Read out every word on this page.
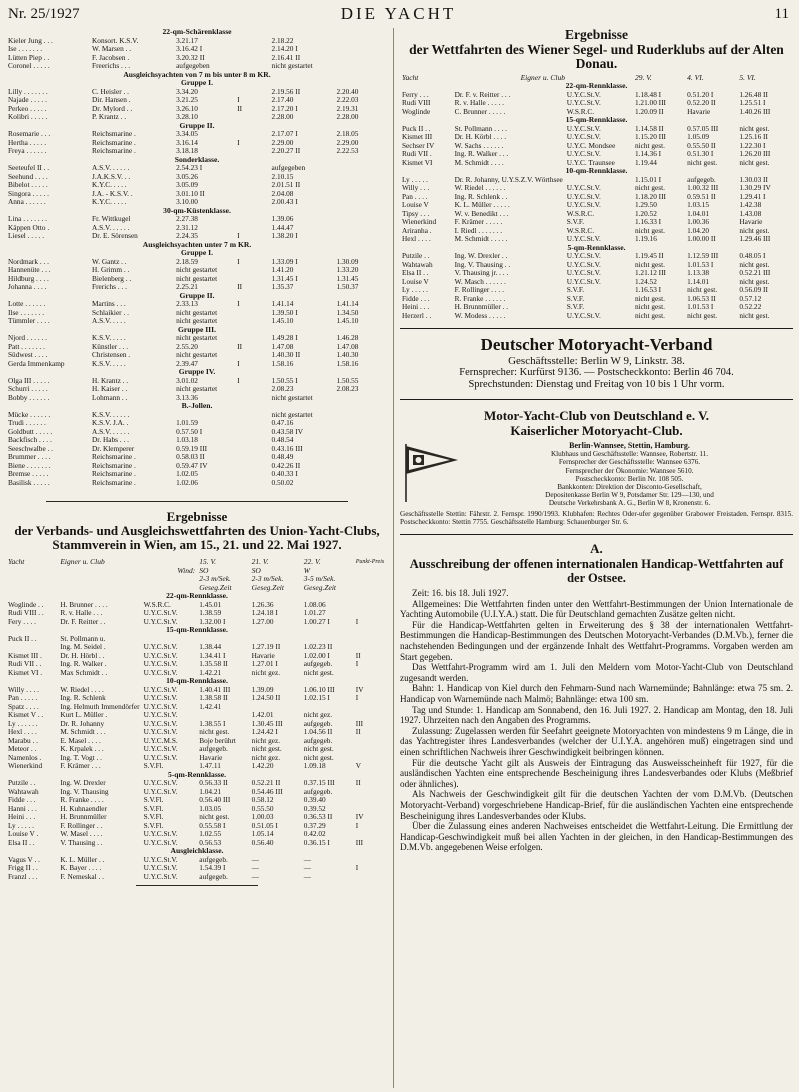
Nr. 25/1927	DIE YACHT	11
22-qm-Schärenklasse					
Kieler Jung . . .	Konsort. K.S.V.	3.21.17		2.18.22	
Ise . . . . . . .	W. Marsen . .	3.16.42 I		2.14.20 I	
Lütten Piep . .	F. Jacobsen .	3.20.32 II		2.16.41 II	
Coronel . . . . .	Freerichs . . .	aufgegeben		nicht gestartet	
Ausgleichsyachten von 7 m bis unter 8 m KR.					
Gruppe I.					
Lilly . . . . . . .	C. Heisler . .	3.34.20		2.19.56 II	2.20.40
Najade . . . . .	Dir. Hansen .	3.21.25	I	2.17.40	2.22.03
Perkeo . . . . .	Dr. Mylord . .	3.26.10	II	2.17.20 I	2.19.31
Kolibri . . . . .	P. Krantz . .	3.28.10		2.28.00	2.28.00
Gruppe II.					
Rosemarie . . .	Reichsmarine .	3.34.05		2.17.07 I	2.18.05
Hertha . . . . .	Reichsmarine .	3.16.14	I	2.29.00	2.29.00
Freya . . . . . .	Reichsmarine .	3.18.18		2.20.27 II	2.22.53
Sonderklasse.					
Seeteufel II . .	A.S.V. . . . . .	2.54.23 I		aufgegeben	
Seehund . . . .	J.A.K.S.V. . .	3.05.26		2.10.15	
Bibelot . . . . .	K.Y.C. . . . .	3.05.09		2.01.51 II	
Singora . . . . .	J.A. - K.S.V. .	3.01.10 II		2.04.08	
Anna . . . . . .	K.Y.C. . . . .	3.10.00		2.00.43 I	
30-qm-Küstenklasse.					
Lina . . . . . . .	Fr. Wittkugel	2.27.38		1.39.06	
Käppen Otto .	A.S.V. . . . . .	2.31.12		1.44.47	
Liesel . . . . .	Dr. E. Sörensen	2.24.35	I	1.38.20 I	
Ausgleichsyachten unter 7 m KR.					
Gruppe I.					
Nordmark . . .	W. Gantz . .	2.18.59	I	1.33.09 I	1.30.09
Hannenüte . . .	H. Grimm . .	nicht gestartet		1.41.20	1.33.20
Hildburg . . . .	Bielenberg . .	nicht gestartet		1.31.45 I	1.31.45
Johanna . . . .	Frerichs . . .	2.25.21	II	1.35.37	1.50.37
Gruppe II.					
Lotte . . . . . .	Martins . . .	2.33.13	I	1.41.14	1.41.14
Ilse . . . . . . .	Schlaikier . .	nicht gestartet		1.39.50 I	1.34.50
Tümmler . . . .	A.S.V. . . . .	nicht gestartet		1.45.10	1.45.10
Gruppe III.					
Njord . . . . . .	K.S.V. . . . .	nicht gestartet		1.49.28 I	1.46.28
Patt . . . . . . .	Künstler . . .	2.55.20	II	1.47.08	1.47.08
Südwest . . . .	Christensen .	nicht gestartet		1.40.30 II	1.40.30
Gerda Immenkamp	K.S.V. . . . .	2.39.47	I	1.58.16	1.58.16
Gruppe IV.					
Olga III . . . . .	H. Krantz . .	3.01.02	I	1.50.55 I	1.50.55
Schurri . . . . .	H. Kaiser . .	nicht gestartet		2.08.23	2.08.23
Bobby . . . . . .	Lohmann . .	3.13.36		nicht gestartet	
B.-Jollen.					
Mücke . . . . . .	K.S.V. . . . . .			nicht gestartet	
Trudi . . . . . .	K.S.V. J.A. .	1.01.59		0.47.16	
Goldbutt . . . . .	A.S.V. . . . . .	0.57.50 I		0.43.58 IV	
Backfisch . . . .	Dr. Habs . . .	1.03.18		0.48.54	
Seeschwalbe . .	Dr. Klemperer	0.59.19 III		0.43.16 III	
Brummer . . . .	Reichsmarine .	0.58.03 II		0.48.49	
Biene . . . . . . .	Reichsmarine .	0.59.47 IV		0.42.26 II	
Bremse . . . . .	Reichsmarine .	1.02.05		0.40.33 I	
Basilisk . . . . .	Reichsmarine .	1.02.06		0.50.02	
Ergebnisse
der Verbands- und Ausgleichswettfahrten des Union-Yacht-Clubs, Stammverein in Wien, am 15., 21. und 22. Mai 1927.
Yacht	Eigner u. Club		15. V.	21. V.	22. V.	Punkt-Preis
		Wind:	SO	SO	W	
			2-3 m/Sek.	2-3 m/Sek.	3-5 m/Sek.	
			Geseg.Zeit	Geseg.Zeit	Geseg.Zeit	
22-qm-Rennklasse.						
Woglinde . .	H. Brunner . . . .	W.S.R.C.	1.45.01	1.26.36	1.08.06	
Rudi VIII . .	R. v. Halle . . .	U.Y.C.St.V.	1.38.59	1.24.18 I	1.01.27	
Fery . . . .	Dr. F. Reitter . .	U.Y.C.St.V.	1.32.00 I	1.27.00	1.00.27 I	I
15-qm-Rennklasse.						
Puck II . .	St. Pollmann u.					
	Ing. M. Seidel .	U.Y.C.St.V.	1.38.44	1.27.19 II	1.02.23 II	
Kismet III .	Dr. H. Hörbl . .	U.Y.C.St.V.	1.34.41 I	Havarie	1.02.00 I	II
Rudi VII . .	Ing. R. Walker .	U.Y.C.St.V.	1.35.58 II	1.27.01 I	aufgegeb.	I
Kismet VI .	Max Schmidt . .	U.Y.C.St.V.	1.42.21	nicht gez.	nicht gest.	
10-qm-Rennklasse.						
Willy . . . .	W. Riedel . . . .	U.Y.C.St.V.	1.40.41 III	1.39.09	1.06.10 III	IV
Pan . . . . .	Ing. R. Schlenk	U.Y.C.St.V.	1.38.58 II	1.24.50 II	1.02.15 I	I
Spatz . . . .	Ing. Helmuth Immendörfer	U.Y.C.St.V.	1.42.41			
Kismet V . .	Kurt L. Müller .	U.Y.C.St.V.		1.42.01	nicht gez.	
Ly . . . . . .	Dr. R. Johanny	U.Y.C.St.V.	1.38.55 I	1.30.45 III	aufgegeb.	III
Hexl . . . .	M. Schmidt . . .	U.Y.C.St.V.	nicht gest.	1.24.42 I	1.04.56 II	II
Marabu . .	E. Masel . . . .	U.Y.C.M.S.	Boje berührt	nicht gez.	aufgegeb.	
Meteor . .	K. Krpalek . . .	U.Y.C.St.V.	aufgegeb.	nicht gest.	nicht gest.	
Namenlos .	Ing. T. Vogt . .	U.Y.C.St.V.	Havarie	nicht gez.	nicht gest.	
Wienerkind	F. Krämer . . .	S.V.Fl.	1.47.11	1.42.20	1.09.18	V
5-qm-Rennklasse.						
Putzile . .	Ing. W. Drexler	U.Y.C.St.V.	0.56.33 II	0.52.21 II	0.37.15 III	II
Wahtawah	Ing. V. Thausing	U.Y.C.St.V.	1.04.21	0.54.46 III	aufgegeb.	
Fidde . . .	R. Franke . . . .	S.V.Fl.	0.56.40 III	0.58.12	0.39.40	
Hanni . . .	H. Kuhnaendler	S.V.Fl.	1.03.05	0.55.50	0.39.52	
Heini . . .	H. Brunnmüller	S.V.Fl.	nicht gest.	1.00.03	0.36.53 II	IV
Ly . . . . .	F. Rollinger . .	S.V.Fl.	0.55.58 I	0.51.05 I	0.37.29	I
Louise V .	W. Masel . . . .	U.Y.C.St.V.	1.02.55	1.05.14	0.42.02	
Elsa II . .	V. Thausing . .	U.Y.C.St.V.	0.56.53	0.56.40	0.36.15 I	III
Ausgleichklasse.						
Vagus V . .	K. L. Müller . .	U.Y.C.St.V.	aufgegeb.	—	—	
Frigg II . .	K. Bayer . . . .	U.Y.C.St.V.	1.54.39 I	—	—	I
Franzl . . .	F. Nemeskal . .	U.Y.C.St.V.	aufgegeb.	—	—	
Ergebnisse
der Wettfahrten des Wiener Segel- und Ruderklubs auf der Alten Donau.
Yacht	Eigner u. Club		29. V.	4. VI.	5. VI.
22-qm-Rennklasse.					
Ferry . . .	Dr. F. v. Reitter . . .	U.Y.C.St.V.	1.18.48 I	0.51.20 I	1.26.48 II
Rudi VIII	R. v. Halle . . . . .	U.Y.C.St.V.	1.21.00 III	0.52.20 II	1.25.51 I
Woglinde	C. Brunner . . . . .	W.S.R.C.	1.20.09 II	Havarie	1.40.26 III
15-qm-Rennklasse.					
Puck II . .	St. Pollmann . . . .	U.Y.C.St.V.	1.14.58 II	0.57.05 III	nicht gest.
Kismet III	Dr. H. Körbl . . . .	U.Y.C.St.V.	1.15.20 III	1.05.09	1.25.16 II
Sechser IV	W. Sachs . . . . . .	U.Y.C. Mondsee	nicht gest.	0.55.50 II	1.22.30 I
Rudi VII .	Ing. R. Walker . . .	U.Y.C.St.V.	1.14.36 I	0.51.30 I	1.26.20 III
Kismet VI	M. Schmidt . . . .	U.Y.C. Traunsee	1.19.44	nicht gest.	nicht gest.
10-qm-Rennklasse.					
Ly . . . . .	Dr. R. Johanny, U.Y.S.Z.V. Wörthsee		1.15.01 I	aufgegeb.	1.30.03 II
Willy . . .	W. Riedel . . . . . .	U.Y.C.St.V.	nicht gest.	1.00.32 III	1.30.29 IV
Pan . . . .	Ing. R. Schlenk . .	U.Y.C.St.V.	1.18.20 III	0.59.51 II	1.29.41 I
Louise V	K. L. Müller . . . . .	U.Y.C.St.V.	1.29.50	1.03.15	1.42.38
Tipsy . . .	W. v. Benedikt . . .	W.S.R.C.	1.20.52	1.04.01	1.43.08
Wienerkind	F. Krämer . . . . .	S.V.F.	1.16.33 I	1.00.36	Havarie
Ariranha .	I. Riedl . . . . . . .	W.S.R.C.	nicht gest.	1.04.20	nicht gest.
Hexl . . . .	M. Schmidt . . . . .	U.Y.C.St.V.	1.19.16	1.00.00 II	1.29.46 III
5-qm-Rennklasse.					
Putzile . .	Ing. W. Drexler . .	U.Y.C.St.V.	1.19.45 II	1.12.59 III	0.48.05 I
Wahtawah	Ing. V. Thausing . .	U.Y.C.St.V.	nicht gest.	1.01.53 I	nicht gest.
Elsa II . .	V. Thausing jr. . . .	U.Y.C.St.V.	1.21.12 III	1.13.38	0.52.21 III
Louise V	W. Masch . . . . . .	U.Y.C.St.V.	1.24.52	1.14.01	nicht gest.
Ly . . . . .	F. Rollinger . . . .	S.V.F.	1.16.53 I	nicht gest.	0.56.09 II
Fidde . . .	R. Franke . . . . . .	S.V.F.	nicht gest.	1.06.53 II	0.57.12
Heini . . .	H. Brunnmüller . .	S.V.F.	nicht gest.	1.01.53 I	0.52.22
Herzerl . .	W. Modess . . . . .	U.Y.C.St.V.	nicht gest.	nicht gest.	nicht gest.
Deutscher Motoryacht-Verband

Geschäftsstelle: Berlin W 9, Linkstr. 38.

Fernsprecher: Kurfürst 9136. — Postscheckkonto: Berlin 46 704.

Sprechstunden: Dienstag und Freitag von 10 bis 1 Uhr vorm.

Motor-Yacht-Club von Deutschland e. V.
Kaiserlicher Motoryacht-Club.

Berlin-Wannsee, Stettin, Hamburg.

Klubhaus und Geschäftsstelle: Wannsee, Robertstr. 11.

Fernsprecher der Geschäftsstelle: Wannsee 6376.

Fernsprecher der Ökonomie: Wannsee 5610.

Postscheckkonto: Berlin Nr. 108 505.

Bankkonten: Direktion der Disconto-Gesellschaft,

Depositenkasse Berlin W 9, Potsdamer Str. 129—130, und

Deutsche Verkehrsbank A. G., Berlin W 8, Kronenstr. 6.

Geschäftsstelle Stettin: Fährstr. 2. Fernspr. 1990/1993. Klubhafen: Rechtes Oder-ufer gegenüber Grabower Freistaden. Fernspr. 8315. Postscheckkonto: Stettin 7755. Geschäftsstelle Hamburg: Schauenburger Str. 6.

A.
Ausschreibung der offenen internationalen Handicap-Wettfahrten auf der Ostsee.

Zeit: 16. bis 18. Juli 1927.

Allgemeines: Die Wettfahrten finden unter den Wettfahrt-Bestimmungen der Union Internationale de Yachting Automobile (U.I.Y.A.) statt. Die für Deutschland gemachten Zusätze gelten nicht.

Für die Handicap-Wettfahrten gelten in Erweiterung des § 38 der internationalen Wettfahrt-Bestimmungen die Handicap-Bestimmungen des Deutschen Motoryacht-Verbandes (D.M.Vb.), ferner die nachstehenden Bedingungen und der ergänzende Inhalt des Wettfahrt-Programms. Vorgaben werden am Start gegeben.

Das Wettfahrt-Programm wird am 1. Juli den Meldern vom Motor-Yacht-Club von Deutschland zugesandt werden.

Bahn: 1. Handicap von Kiel durch den Fehmarn-Sund nach Warnemünde; Bahnlänge: etwa 75 sm. 2. Handicap von Warnemünde nach Malmö; Bahnlänge: etwa 100 sm.

Tag und Stunde: 1. Handicap am Sonnabend, den 16. Juli 1927. 2. Handicap am Montag, den 18. Juli 1927. Uhrzeiten nach den Angaben des Programms.

Zulassung: Zugelassen werden für Seefahrt geeignete Motoryachten von mindestens 9 m Länge, die in das Yachtregister ihres Landesverbandes (welcher der U.I.Y.A. angehören muß) eingetragen sind und einen schriftlichen Nachweis ihrer Geschwindigkeit beibringen können.

Für die deutsche Yacht gilt als Ausweis der Eintragung das Ausweisscheinheft für 1927, für die ausländischen Yachten eine entsprechende Bescheinigung ihres Landesverbandes oder Klubs (Meßbrief oder ähnliches).

Als Nachweis der Geschwindigkeit gilt für die deutschen Yachten der vom D.M.Vb. (Deutschen Motoryacht-Verband) vorgeschriebene Handicap-Brief, für die ausländischen Yachten eine entsprechende Bescheinigung ihres Landesverbandes oder Klubs.

Über die Zulassung eines anderen Nachweises entscheidet die Wettfahrt-Leitung. Die Ermittlung der Handicap-Geschwindigkeit muß bei allen Yachten in der gleichen, in den Handicap-Bestimmungen des D.M.Vb. angegebenen Weise erfolgen.
